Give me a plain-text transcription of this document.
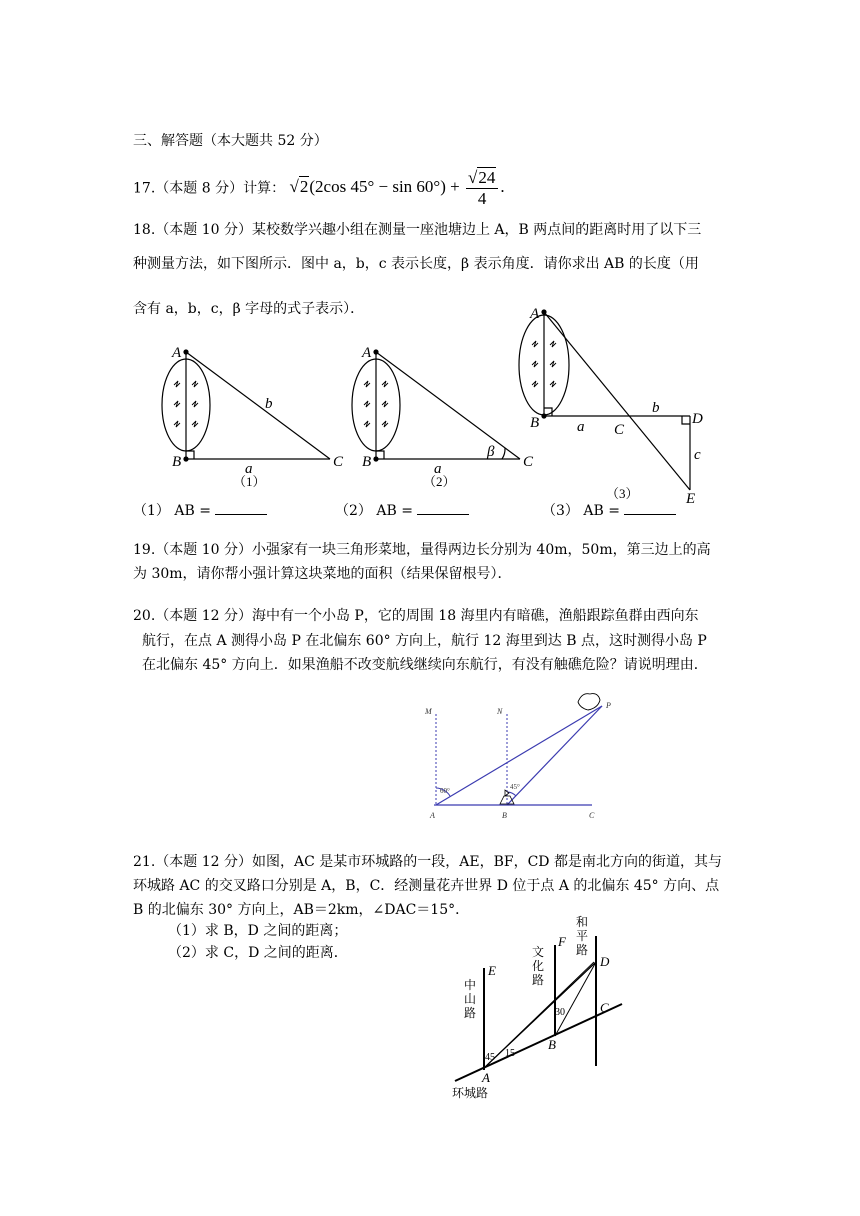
三、解答题（本大题共 52 分）
17.（本题 8 分）计算： √2(2cos $45^\circ - \sin 60^\circ) + \frac{√24}{4}$ .
18.（本题 10 分）某校数学兴趣小组在测量一座池塘边上 A，B 两点间的距离时用了以下三
种测量方法，如下图所示．图中 a，b，c 表示长度，β 表示角度．请你求出 AB 的长度（用
含有 a，b，c，β 字母的式子表示）．
（1） AB =	（2） AB =	（3） AB =
19.（本题 10 分）小强家有一块三角形菜地，量得两边长分别为 40m，50m，第三边上的高
为 30m，请你帮小强计算这块菜地的面积（结果保留根号）．
20.（本题 12 分）海中有一个小岛 P，它的周围 18 海里内有暗礁，渔船跟踪鱼群由西向东
航行，在点 A 测得小岛 P 在北偏东 60° 方向上，航行 12 海里到达 B 点，这时测得小岛 P
在北偏东 45° 方向上．如果渔船不改变航线继续向东航行，有没有触礁危险？请说明理由．
21.（本题 12 分）如图，AC 是某市环城路的一段，AE，BF，CD 都是南北方向的街道，其与
环城路 AC 的交叉路口分别是 A，B，C．经测量花卉世界 D 位于点 A 的北偏东 45° 方向、点
B 的北偏东 30° 方向上，AB＝2km，∠DAC＝15°．
（1）求 B，D 之间的距离；
（2）求 C，D 之间的距离．
A
B	C
b
a
（1）
A
B	C
β
a
（2）
A
B	C
D
E
a
b
c
（3）
M	N
P
A	B	C
60°	45°
A
B
C
D
E
F
45 15
30
中
山
路
文
化
路
和
平
路
环城路
